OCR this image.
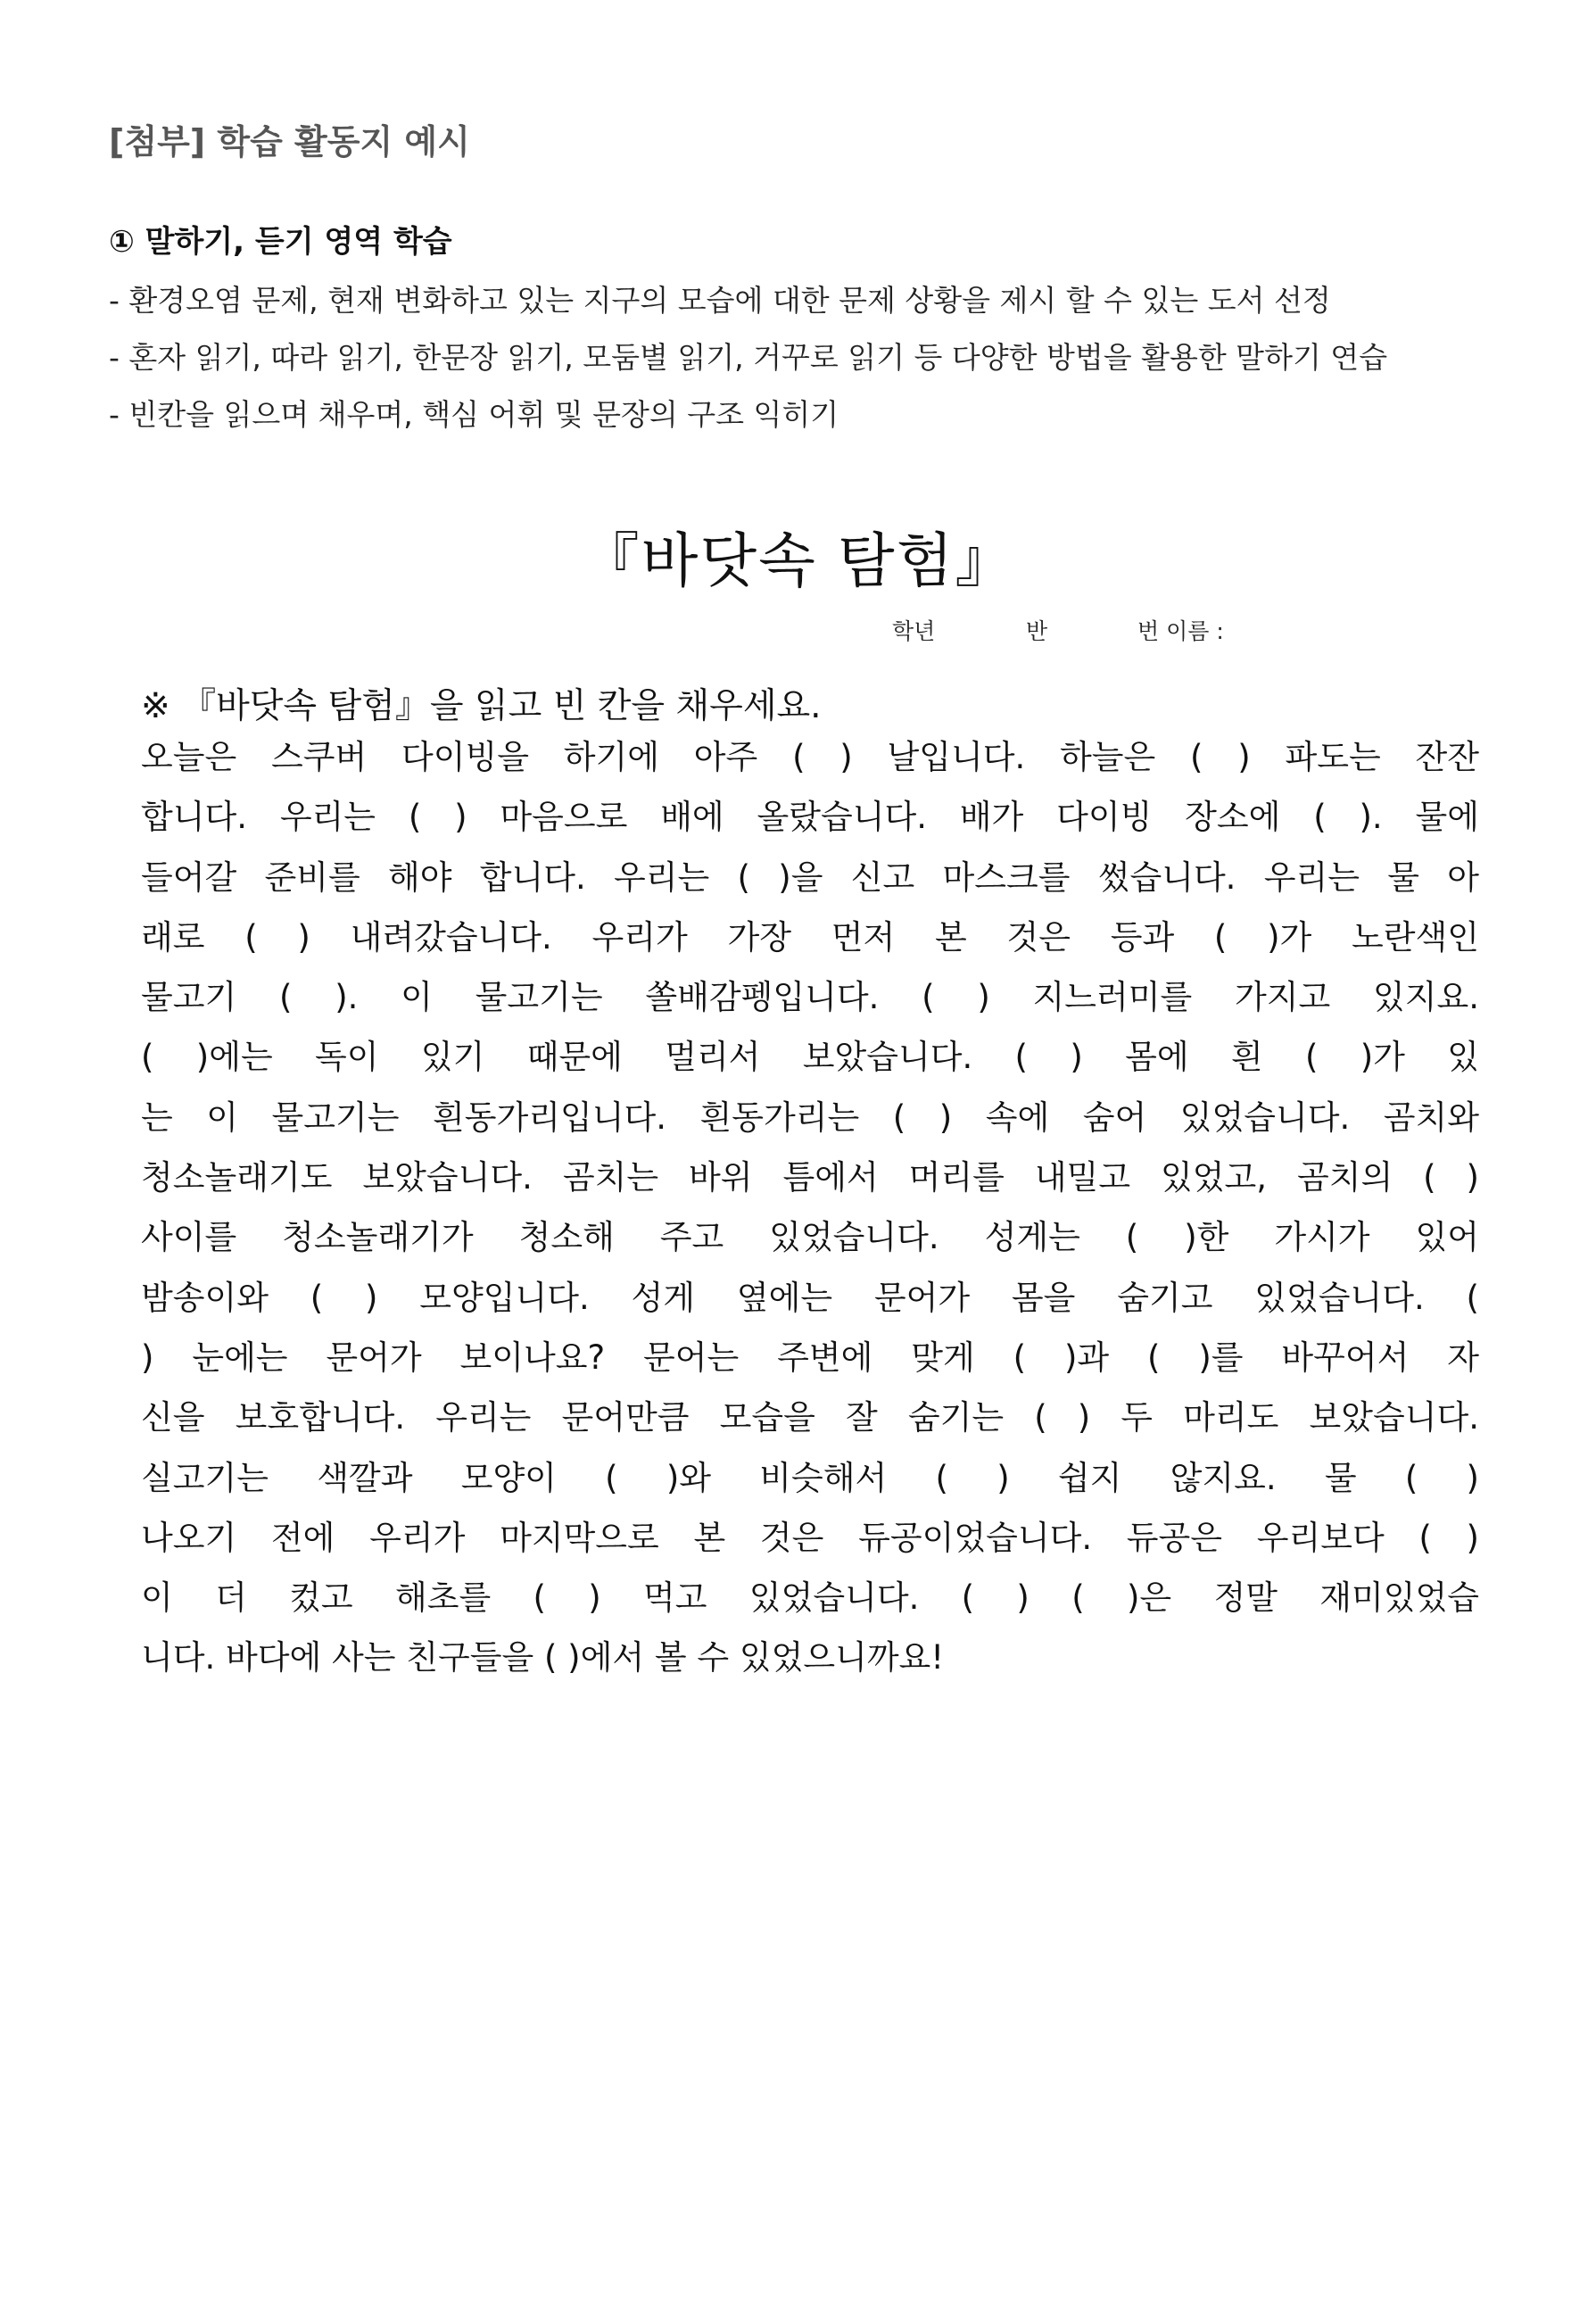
[첨부] 학습 활동지 예시
① 말하기, 듣기 영역 학습
- 환경오염 문제, 현재 변화하고 있는 지구의 모습에 대한 문제 상황을 제시 할 수 있는 도서 선정
- 혼자 읽기, 따라 읽기, 한문장 읽기, 모둠별 읽기, 거꾸로 읽기 등 다양한 방법을 활용한 말하기 연습
- 빈칸을 읽으며 채우며, 핵심 어휘 및 문장의 구조 익히기
『바닷속 탐험』
학년	반	번 이름 :
※ 『바닷속 탐험』을 읽고 빈 칸을 채우세요.
오늘은 스쿠버 다이빙을 하기에 아주 ( ) 날입니다. 하늘은 ( ) 파도는 잔잔
합니다. 우리는 ( ) 마음으로 배에 올랐습니다. 배가 다이빙 장소에 ( ). 물에
들어갈 준비를 해야 합니다. 우리는 ( )을 신고 마스크를 썼습니다. 우리는 물 아
래로 ( ) 내려갔습니다. 우리가 가장 먼저 본 것은 등과 ( )가 노란색인
물고기 ( ). 이 물고기는 쏠배감펭입니다. ( ) 지느러미를 가지고 있지요.
( )에는 독이 있기 때문에 멀리서 보았습니다. ( ) 몸에 흰 ( )가 있
는 이 물고기는 흰동가리입니다. 흰동가리는 ( ) 속에 숨어 있었습니다. 곰치와
청소놀래기도 보았습니다. 곰치는 바위 틈에서 머리를 내밀고 있었고, 곰치의 ( )
사이를 청소놀래기가 청소해 주고 있었습니다. 성게는 ( )한 가시가 있어
밤송이와 ( ) 모양입니다. 성게 옆에는 문어가 몸을 숨기고 있었습니다. (
) 눈에는 문어가 보이나요? 문어는 주변에 맞게 ( )과 ( )를 바꾸어서 자
신을 보호합니다. 우리는 문어만큼 모습을 잘 숨기는 ( ) 두 마리도 보았습니다.
실고기는 색깔과 모양이 ( )와 비슷해서 ( ) 쉽지 않지요. 물 ( )
나오기 전에 우리가 마지막으로 본 것은 듀공이었습니다. 듀공은 우리보다 ( )
이 더 컸고 해초를 ( ) 먹고 있었습니다. ( ) ( )은 정말 재미있었습
니다. 바다에 사는 친구들을 ( )에서 볼 수 있었으니까요!
